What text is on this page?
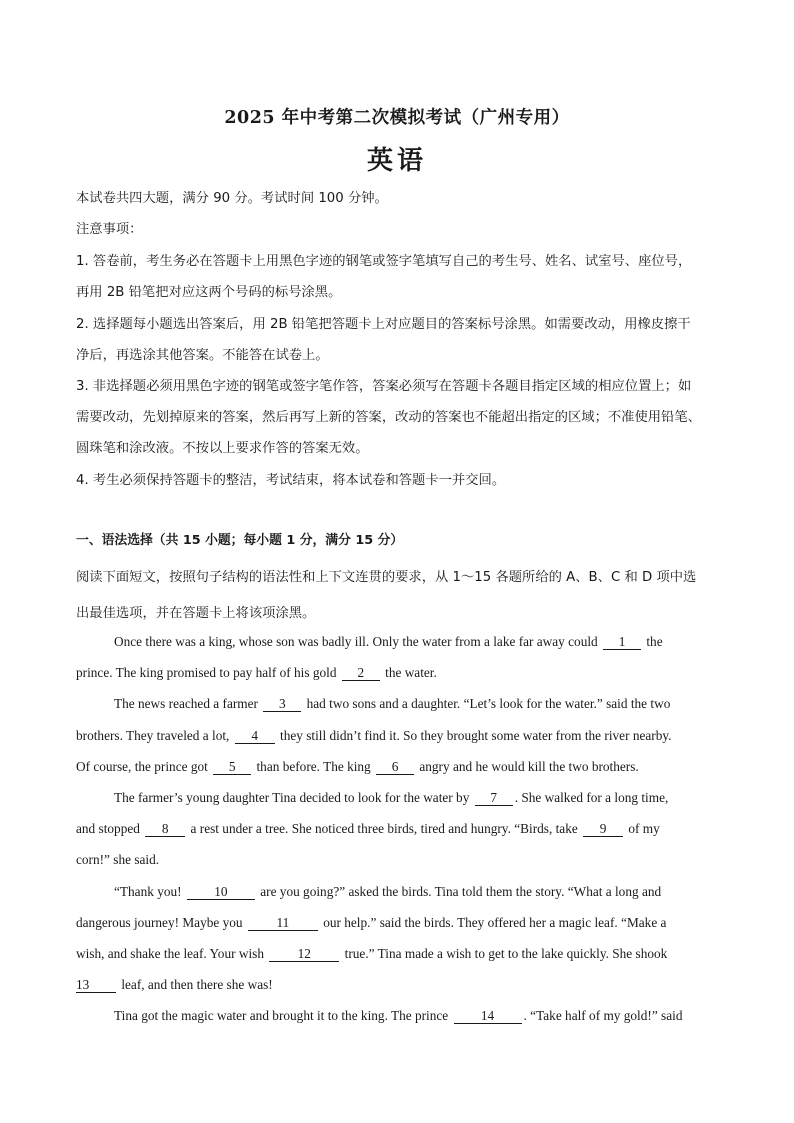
2025 年中考第二次模拟考试（广州专用）
英语
本试卷共四大题，满分 90 分。考试时间 100 分钟。
注意事项：
1. 答卷前，考生务必在答题卡上用黑色字迹的钢笔或签字笔填写自己的考生号、姓名、试室号、座位号，
再用 2B 铅笔把对应这两个号码的标号涂黑。
2. 选择题每小题选出答案后，用 2B 铅笔把答题卡上对应题目的答案标号涂黑。如需要改动，用橡皮擦干
净后，再选涂其他答案。不能答在试卷上。
3. 非选择题必须用黑色字迹的钢笔或签字笔作答，答案必须写在答题卡各题目指定区域的相应位置上；如
需要改动，先划掉原来的答案，然后再写上新的答案，改动的答案也不能超出指定的区域；不准使用铅笔、
圆珠笔和涂改液。不按以上要求作答的答案无效。
4. 考生必须保持答题卡的整洁，考试结束，将本试卷和答题卡一并交回。
一、语法选择（共 15 小题；每小题 1 分，满分 15 分）
阅读下面短文，按照句子结构的语法性和上下文连贯的要求，从 1～15 各题所给的 A、B、C 和 D 项中选
出最佳选项，并在答题卡上将该项涂黑。
Once there was a king, whose son was badly ill. Only the water from a lake far away could 1 the
prince. The king promised to pay half of his gold 2 the water.
The news reached a farmer 3 had two sons and a daughter. “Let’s look for the water.” said the two
brothers. They traveled a lot, 4 they still didn’t find it. So they brought some water from the river nearby.
Of course, the prince got 5 than before. The king 6 angry and he would kill the two brothers.
The farmer’s young daughter Tina decided to look for the water by 7 . She walked for a long time,
and stopped 8 a rest under a tree. She noticed three birds, tired and hungry. “Birds, take 9 of my
corn!” she said.
“Thank you! 10 are you going?” asked the birds. Tina told them the story. “What a long and
dangerous journey! Maybe you	11	our help.” said the birds. They offered her a magic leaf. “Make a
wish, and shake the leaf. Your wish	12	true.” Tina made a wish to get to the lake quickly. She shook
13 leaf, and then there she was!
Tina got the magic water and brought it to the king. The prince 14 . “Take half of my gold!” said
